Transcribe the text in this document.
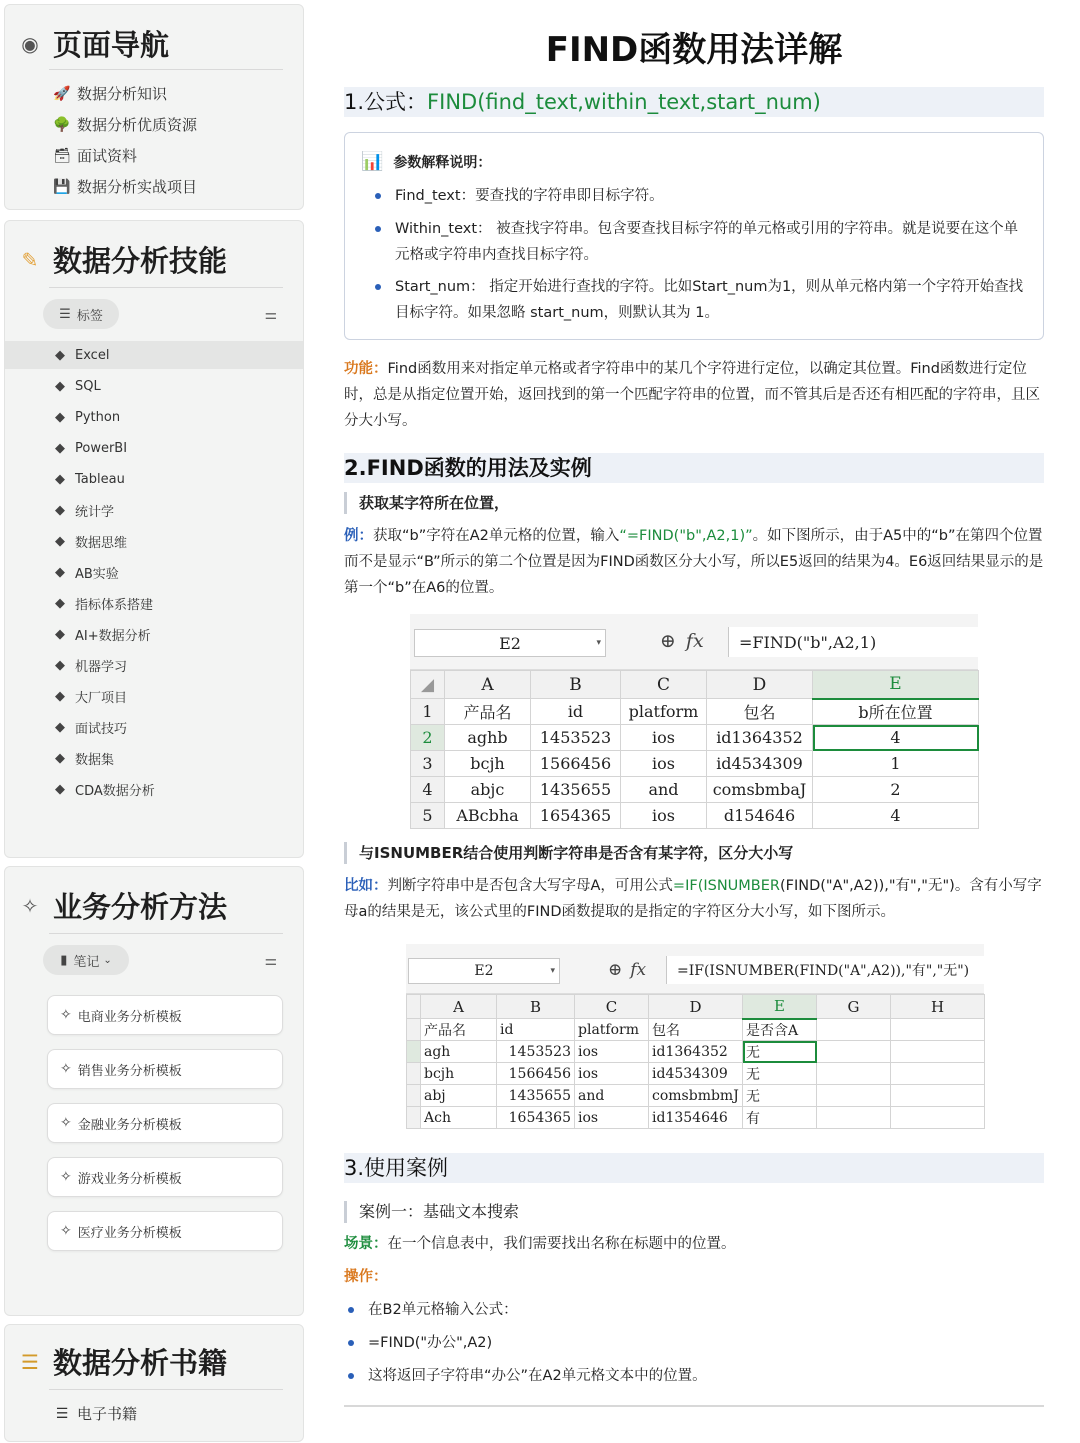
◉ 页面导航
🚀 数据分析知识
🌳 数据分析优质资源
🗃 面试资料
💾 数据分析实战项目
✎ 数据分析技能
☰ 标签	⚌
◆ Excel
◆ SQL
◆ Python
◆ PowerBI
◆ Tableau
◆ 统计学
◆ 数据思维
◆ AB实验
◆ 指标体系搭建
◆ AI+数据分析
◆ 机器学习
◆ 大厂项目
◆ 面试技巧
◆ 数据集
◆ CDA数据分析
✧ 业务分析方法
▮ 笔记 ⌄	⚌
✧ 电商业务分析模板
✧ 销售业务分析模板
✧ 金融业务分析模板
✧ 游戏业务分析模板
✧ 医疗业务分析模板
☰ 数据分析书籍
☰ 电子书籍
FIND函数用法详解
1.公式：FIND(find_text,within_text,start_num)
📊 参数解释说明：
Find_text：要查找的字符串即目标字符。
Within_text： 被查找字符串。包含要查找目标字符的单元格或引用的字符串。就是说要在这个单元格或字符串内查找目标字符。
Start_num： 指定开始进行查找的字符。比如Start_num为1，则从单元格内第一个字符开始查找目标字符。如果忽略 start_num，则默认其为 1。
功能：Find函数用来对指定单元格或者字符串中的某几个字符进行定位，以确定其位置。Find函数进行定位时，总是从指定位置开始，返回找到的第一个匹配字符串的位置，而不管其后是否还有相匹配的字符串，且区分大小写。
2.FIND函数的用法及实例
获取某字符所在位置，
例：获取“b”字符在A2单元格的位置，输入“=FIND("b",A2,1)”。如下图所示，由于A5中的“b”在第四个位置而不是显示“B”所示的第二个位置是因为FIND函数区分大小写，所以E5返回的结果为4。E6返回结果显示的是第一个“b”在A6的位置。
E2	▾	⊕ fx	=FIND("b",A2,1)
◢	A	B	C	D	E
1	产品名	id	platform	包名	b所在位置
2	aghb	1453523	ios	id1364352	4
3	bcjh	1566456	ios	id4534309	1
4	abjc	1435655	and	comsbmbaJ	2
5	ABcbha	1654365	ios	d154646	4
与ISNUMBER结合使用判断字符串是否含有某字符，区分大小写
比如：判断字符串中是否包含大写字母A，可用公式=IF(ISNUMBER(FIND("A",A2)),"有","无")。含有小写字母a的结果是无，该公式里的FIND函数提取的是指定的字符区分大小写，如下图所示。
E2	▾	⊕ fx	=IF(ISNUMBER(FIND("A",A2)),"有","无")
	A	B	C	D	E	G	H
	产品名	id	platform	包名	是否含A		
	agh	1453523	ios	id1364352	无		
	bcjh	1566456	ios	id4534309	无		
	abj	1435655	and	comsbmbmJ	无		
	Ach	1654365	ios	id1354646	有		
3.使用案例
案例一：基础文本搜索
场景：在一个信息表中，我们需要找出名称在标题中的位置。
操作：
在B2单元格输入公式：
=FIND("办公",A2)
这将返回子字符串“办公”在A2单元格文本中的位置。
